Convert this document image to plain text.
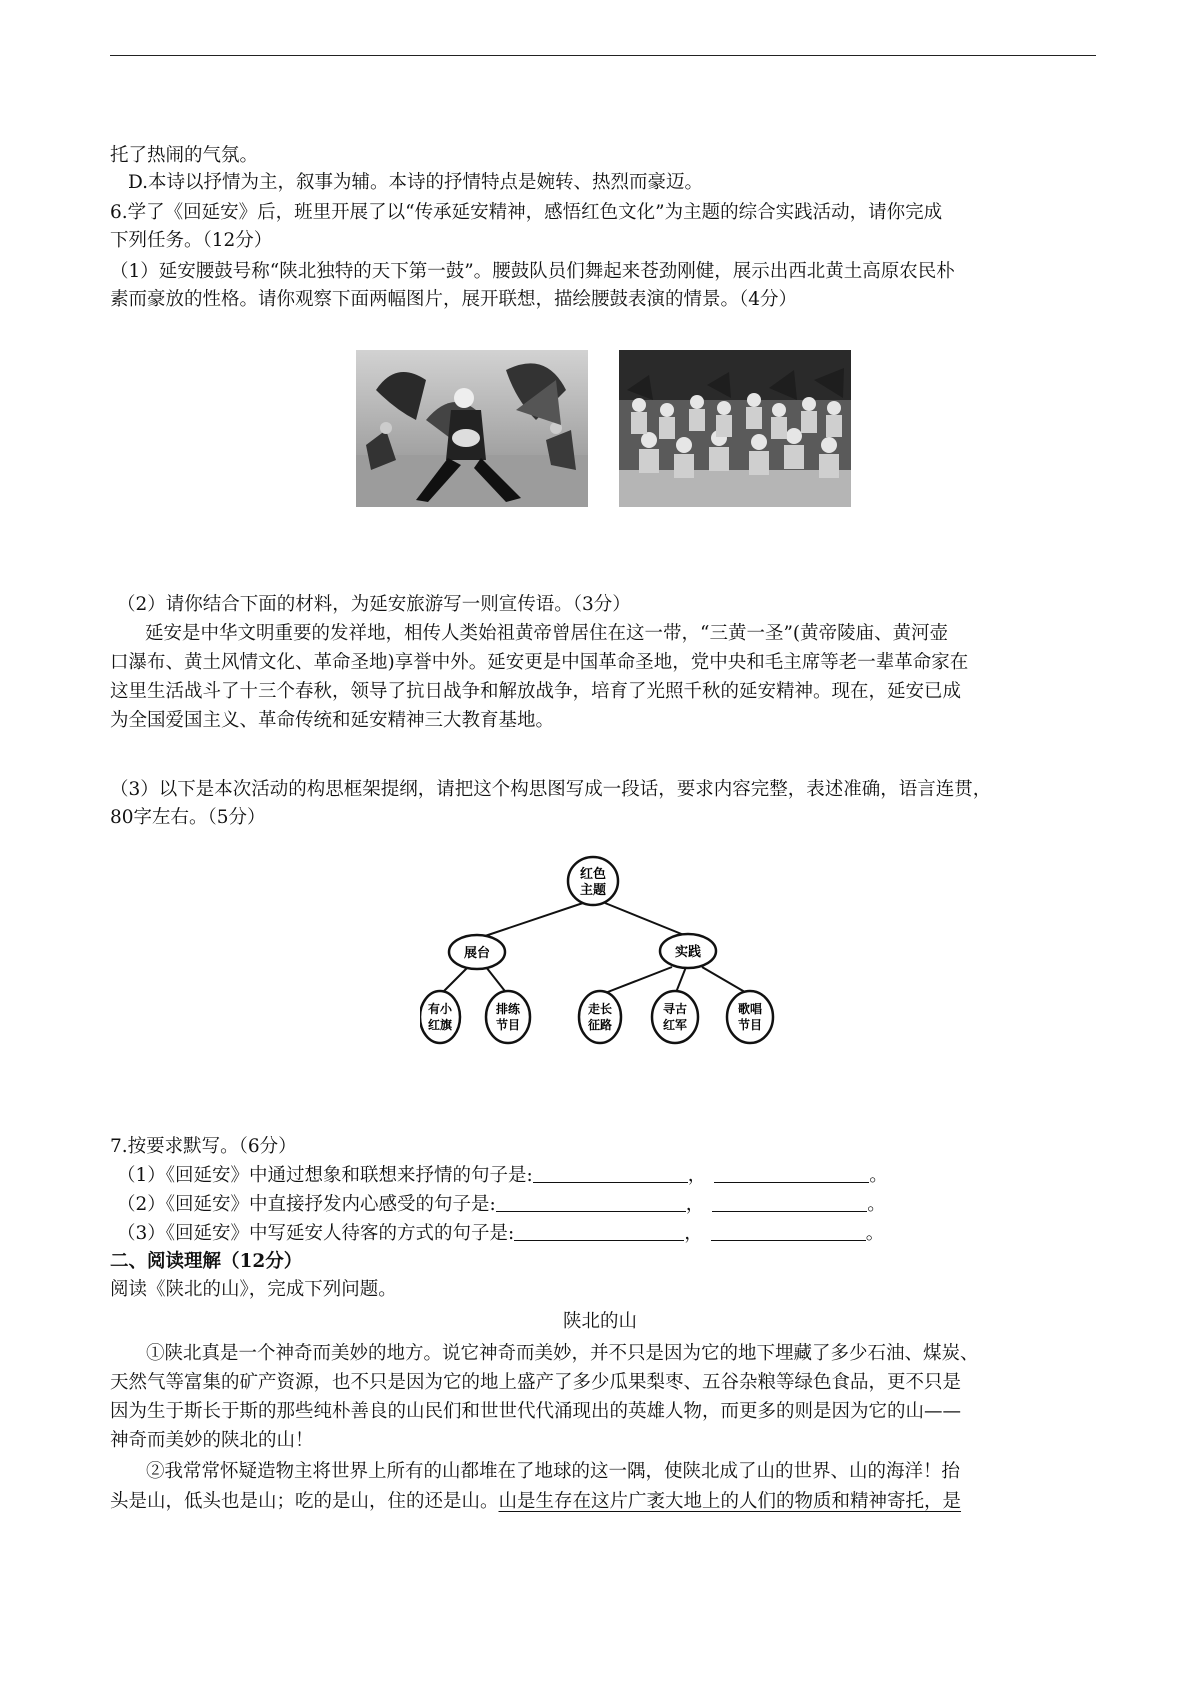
托了热闹的气氛。
D.本诗以抒情为主，叙事为辅。本诗的抒情特点是婉转、热烈而豪迈。
6.学了《回延安》后，班里开展了以“传承延安精神，感悟红色文化”为主题的综合实践活动，请你完成
下列任务。（12分）
（1）延安腰鼓号称“陕北独特的天下第一鼓”。腰鼓队员们舞起来苍劲刚健，展示出西北黄土高原农民朴
素而豪放的性格。请你观察下面两幅图片，展开联想，描绘腰鼓表演的情景。（4分）
（2）请你结合下面的材料，为延安旅游写一则宣传语。（3分）
延安是中华文明重要的发祥地，相传人类始祖黄帝曾居住在这一带，“三黄一圣”(黄帝陵庙、黄河壶
口瀑布、黄土风情文化、革命圣地)享誉中外。延安更是中国革命圣地，党中央和毛主席等老一辈革命家在
这里生活战斗了十三个春秋，领导了抗日战争和解放战争，培育了光照千秋的延安精神。现在，延安已成
为全国爱国主义、革命传统和延安精神三大教育基地。
（3）以下是本次活动的构思框架提纲，请把这个构思图写成一段话，要求内容完整，表述准确，语言连贯，
80字左右。（5分）
红色
主题
展台	实践
有小
红旗
排练
节目
走长
征路
寻古
红军
歌唱
节目
7.按要求默写。（6分）
（1）《回延安》中通过想象和联想来抒情的句子是:	，	。
（2）《回延安》中直接抒发内心感受的句子是:	，	。
（3）《回延安》中写延安人待客的方式的句子是:	，	。
二、阅读理解（12分）
阅读《陕北的山》，完成下列问题。
陕北的山
①陕北真是一个神奇而美妙的地方。说它神奇而美妙，并不只是因为它的地下埋藏了多少石油、煤炭、
天然气等富集的矿产资源，也不只是因为它的地上盛产了多少瓜果梨枣、五谷杂粮等绿色食品，更不只是
因为生于斯长于斯的那些纯朴善良的山民们和世世代代涌现出的英雄人物，而更多的则是因为它的山——
神奇而美妙的陕北的山！
②我常常怀疑造物主将世界上所有的山都堆在了地球的这一隅，使陕北成了山的世界、山的海洋！抬
头是山，低头也是山；吃的是山，住的还是山。山是生存在这片广袤大地上的人们的物质和精神寄托，是
